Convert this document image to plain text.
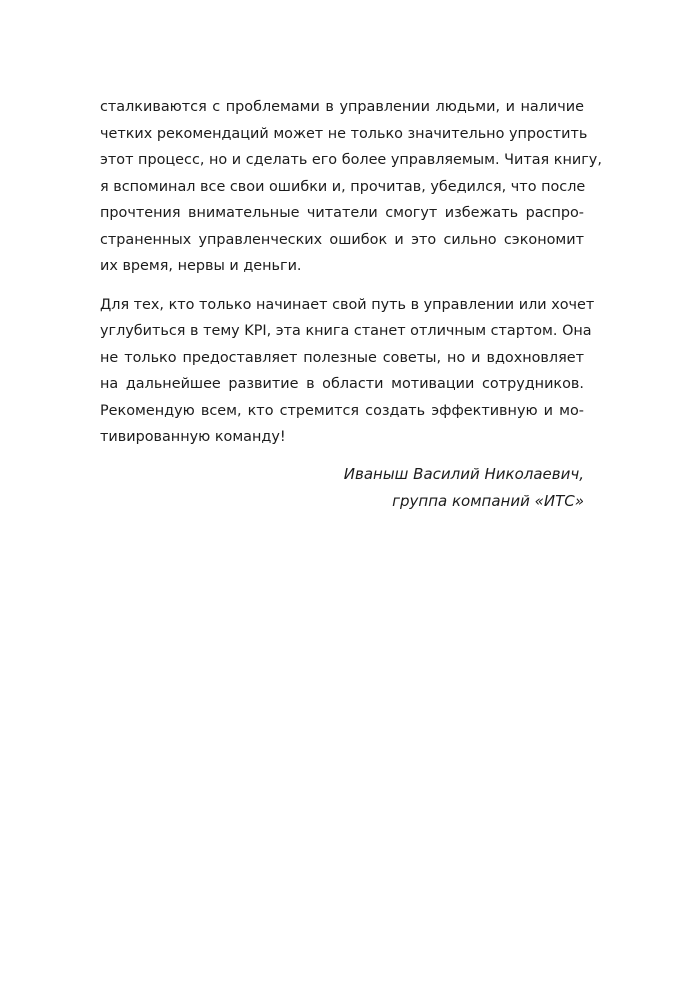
сталкиваются с проблемами в управлении людьми, и наличие
четких рекомендаций может не только значительно упростить
этот процесс, но и сделать его более управляемым. Читая книгу,
я вспоминал все свои ошибки и, прочитав, убедился, что после
прочтения внимательные читатели смогут избежать распро-
страненных управленческих ошибок и это сильно сэкономит
их время, нервы и деньги.
Для тех, кто только начинает свой путь в управлении или хочет
углубиться в тему KPI, эта книга станет отличным стартом. Она
не только предоставляет полезные советы, но и вдохновляет
на дальнейшее развитие в области мотивации сотрудников.
Рекомендую всем, кто стремится создать эффективную и мо-
тивированную команду!
Иваныш Василий Николаевич,
группа компаний «ИТС»
